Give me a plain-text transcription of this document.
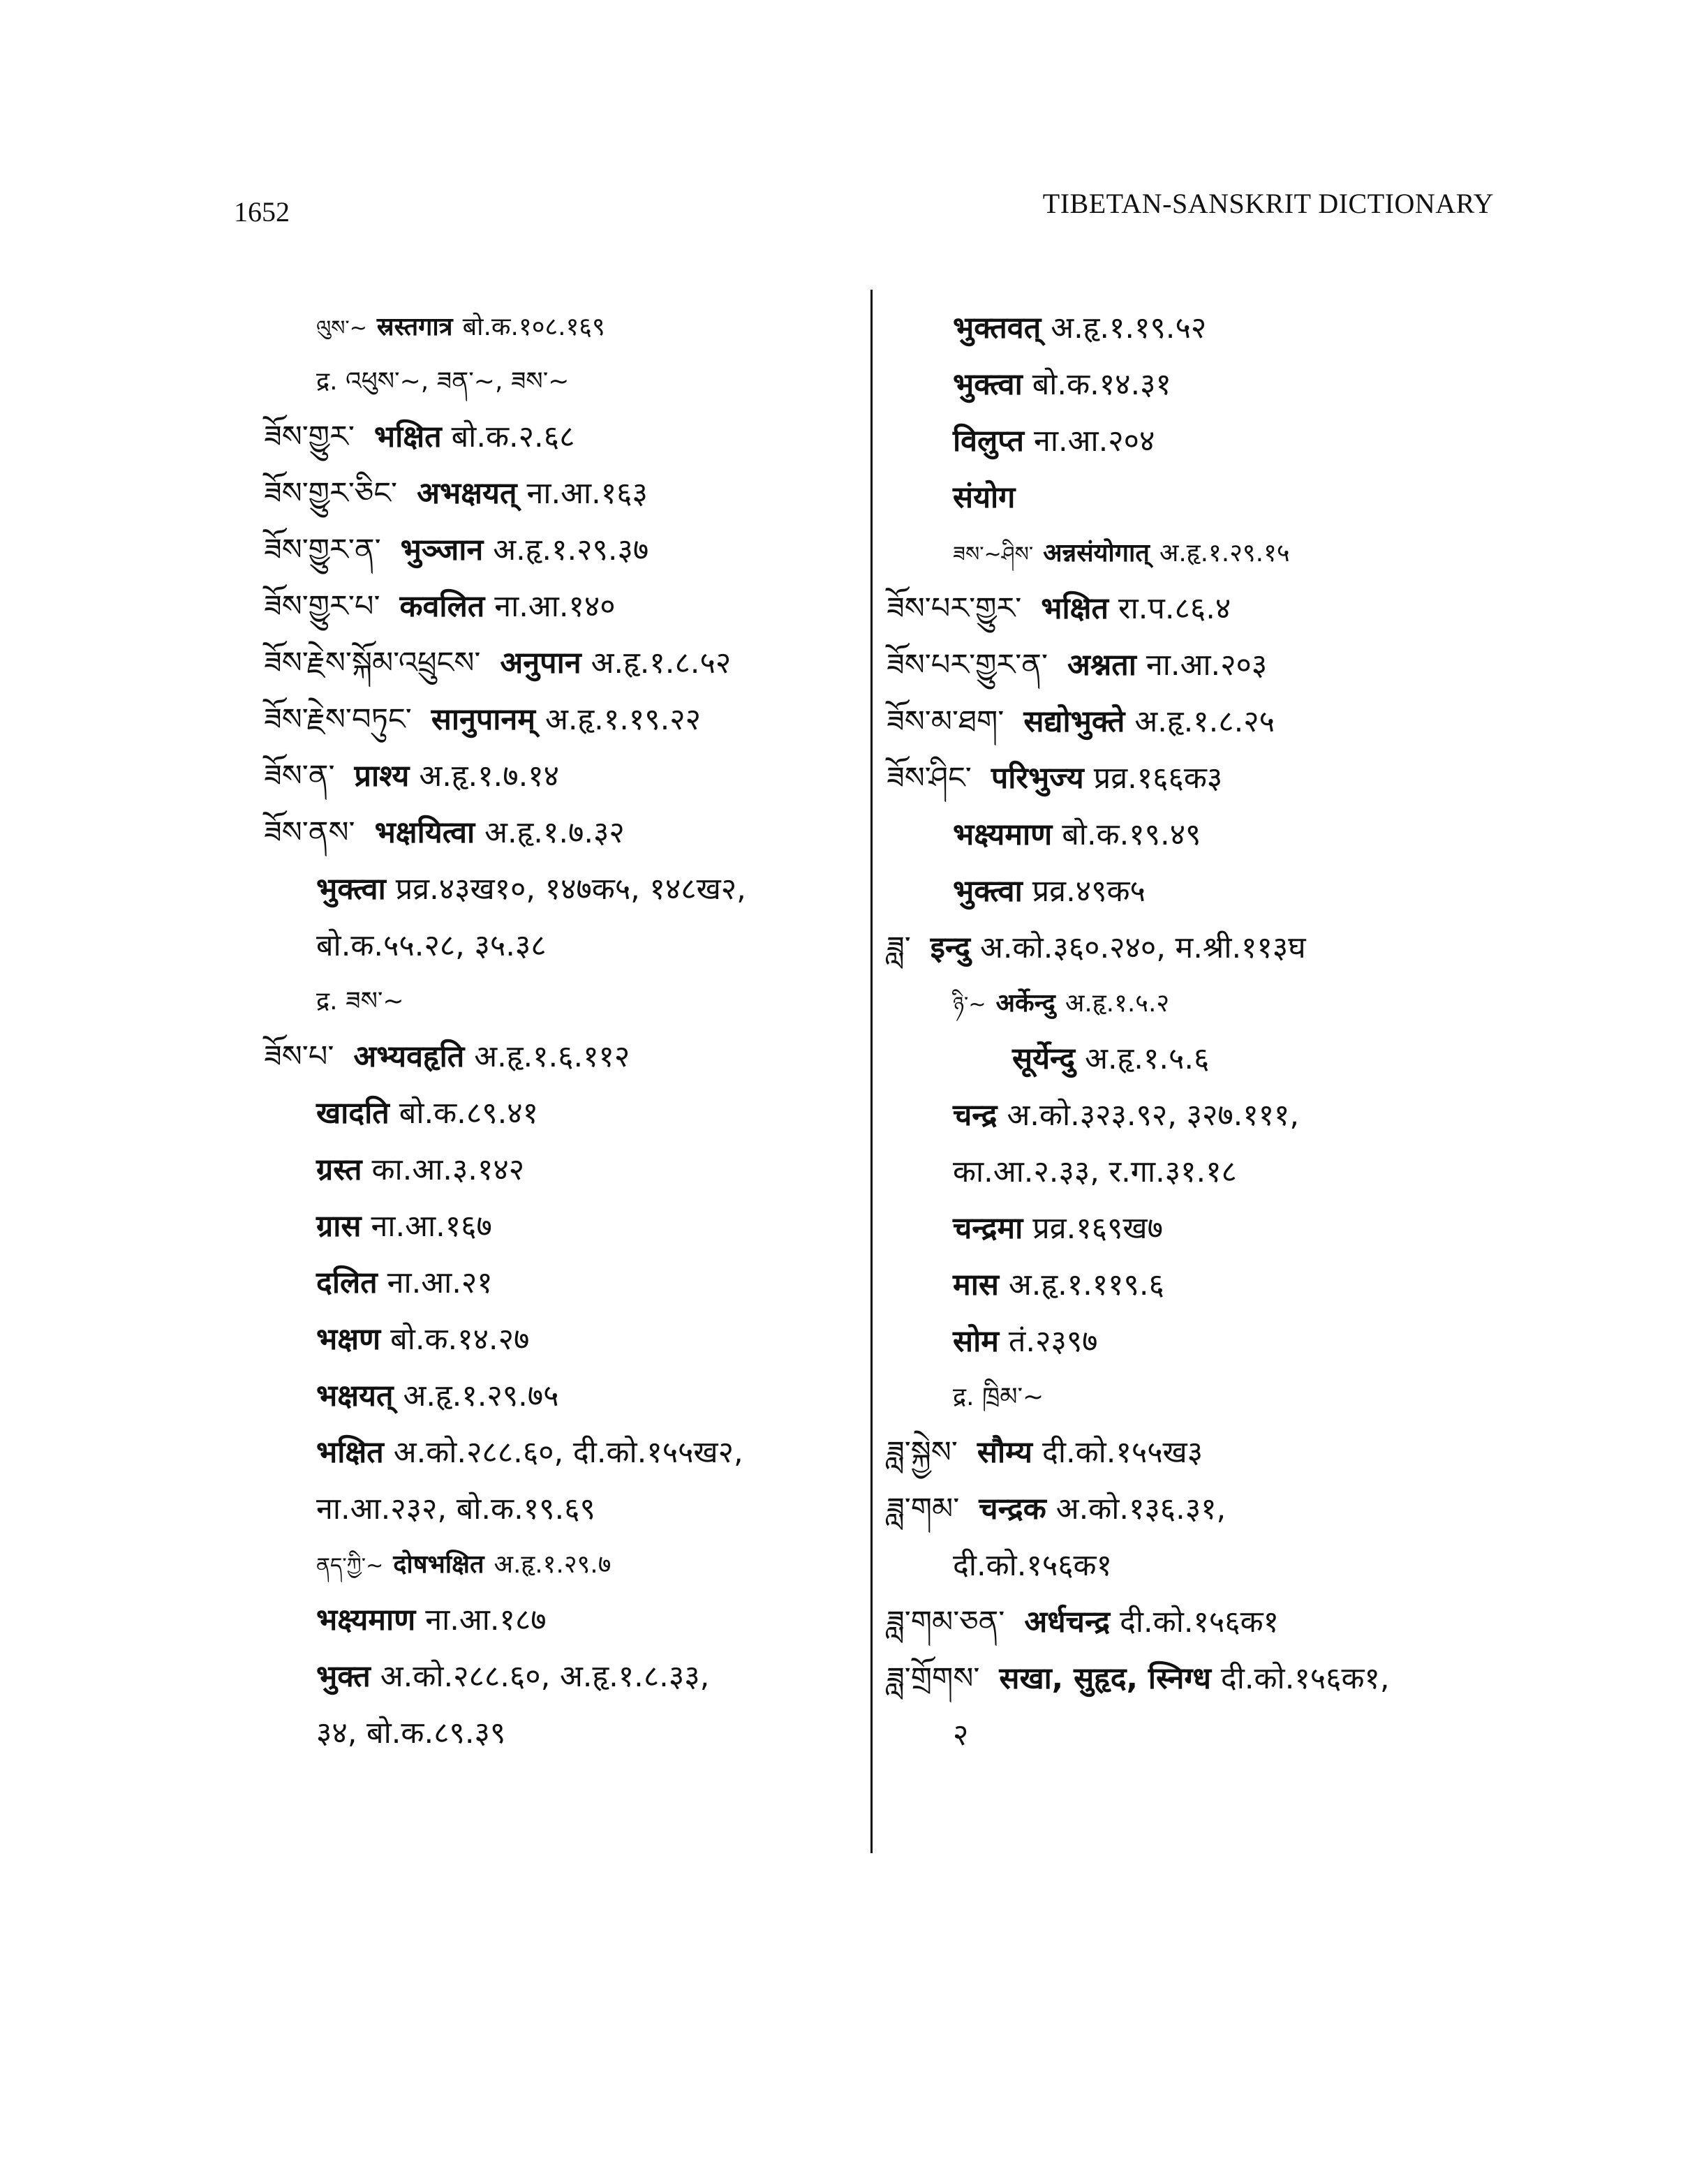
1652	TIBETAN-SANSKRIT DICTIONARY
ལུས་~ स्रस्तगात्र बो.क.१०८.१६९
द्र. འཕུས་~, ཟན་~, ཟས་~
ཟོས་གྱུར་ भक्षित बो.क.२.६८
ཟོས་གྱུར་ཅིང་ अभक्षयत् ना.आ.१६३
ཟོས་གྱུར་ན་ भुञ्जान अ.हृ.१.२९.३७
ཟོས་གྱུར་པ་ कवलित ना.आ.१४०
ཟོས་རྗེས་སྐོམ་འཕྲུངས་ अनुपान अ.हृ.१.८.५२
ཟོས་རྗེས་བཏུང་ सानुपानम् अ.हृ.१.१९.२२
ཟོས་ན་ प्राश्य अ.हृ.१.७.१४
ཟོས་ནས་ भक्षयित्वा अ.हृ.१.७.३२
भुक्त्वा प्रव्र.४३ख१०, १४७क५, १४८ख२,
बो.क.५५.२८, ३५.३८
द्र. ཟས་~
ཟོས་པ་ अभ्यवहृति अ.हृ.१.६.११२
खादति बो.क.८९.४१
ग्रस्त का.आ.३.१४२
ग्रास ना.आ.१६७
दलित ना.आ.२१
भक्षण बो.क.१४.२७
भक्षयत् अ.हृ.१.२९.७५
भक्षित अ.को.२८८.६०, दी.को.१५५ख२,
ना.आ.२३२, बो.क.१९.६९
ནད་ཀྱི་~ दोषभक्षित अ.हृ.१.२९.७
भक्ष्यमाण ना.आ.१८७
भुक्त अ.को.२८८.६०, अ.हृ.१.८.३३,
३४, बो.क.८९.३९
भुक्तवत् अ.हृ.१.१९.५२
भुक्त्वा बो.क.१४.३१
विलुप्त ना.आ.२०४
संयोग
ཟས་~ཤིས་ अन्नसंयोगात् अ.हृ.१.२९.१५
ཟོས་པར་གྱུར་ भक्षित रा.प.८६.४
ཟོས་པར་གྱུར་ན་ अश्नता ना.आ.२०३
ཟོས་མ་ཐག་ सद्योभुक्ते अ.हृ.१.८.२५
ཟོས་ཤིང་ परिभुज्य प्रव्र.१६६क३
भक्ष्यमाण बो.क.१९.४९
भुक्त्वा प्रव्र.४९क५
ཟླ་ इन्दु अ.को.३६०.२४०, म.श्री.११३घ
ཉི་~ अर्केन्दु अ.हृ.१.५.२
सूर्येन्दु अ.हृ.१.५.६
चन्द्र अ.को.३२३.९२, ३२७.१११,
का.आ.२.३३, र.गा.३१.१८
चन्द्रमा प्रव्र.१६९ख७
मास अ.हृ.१.११९.६
सोम तं.२३९७
द्र. ཁྲིམ་~
ཟླ་སྐྱེས་ सौम्य दी.को.१५५ख३
ཟླ་གམ་ चन्द्रक अ.को.१३६.३१,
दी.को.१५६क१
ཟླ་གམ་ཅན་ अर्धचन्द्र दी.को.१५६क१
ཟླ་གྲོགས་ सखा, सुहृद, स्निग्ध दी.को.१५६क१,
२
